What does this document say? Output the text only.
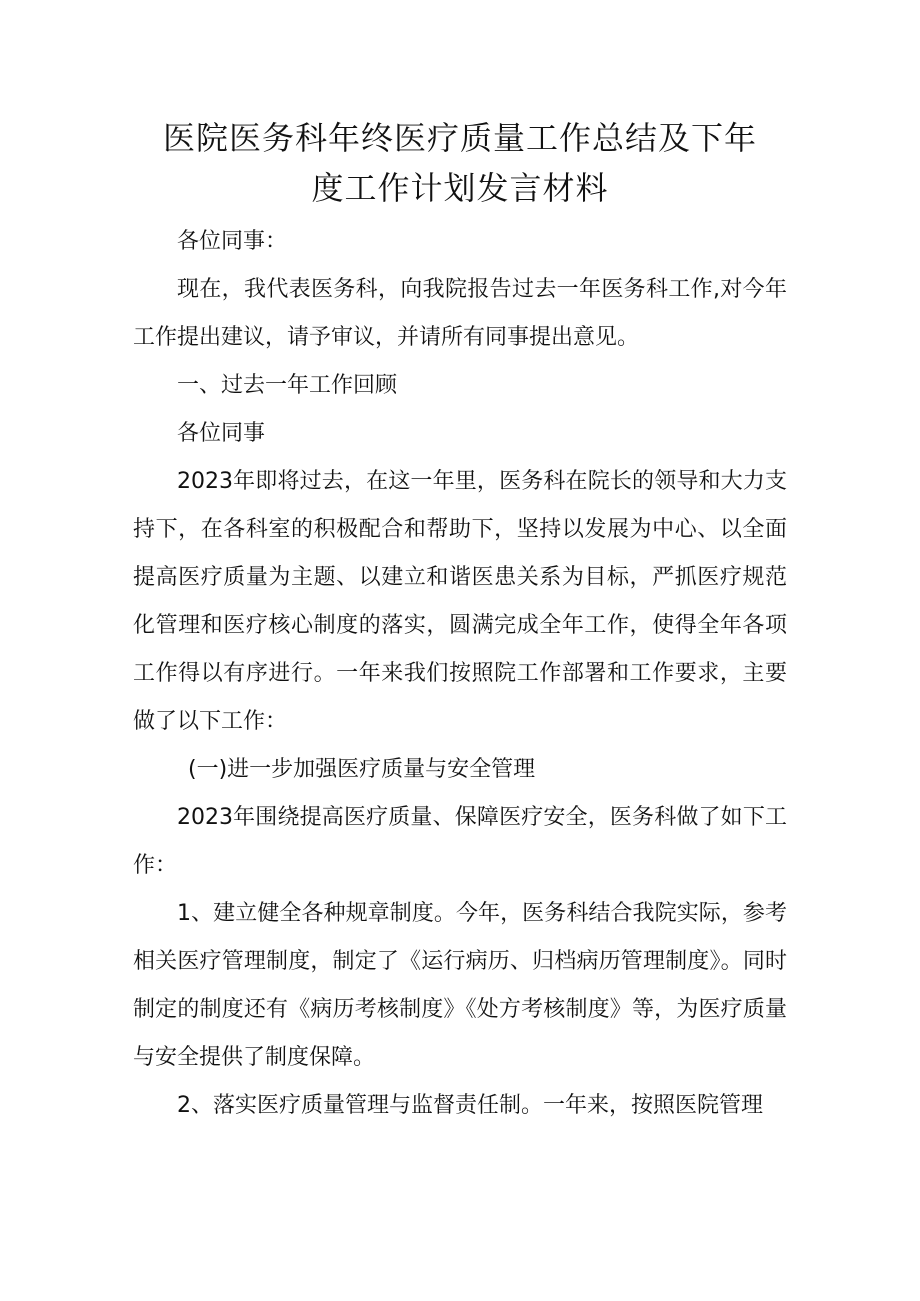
医院医务科年终医疗质量工作总结及下年
度工作计划发言材料

各位同事：

现在，我代表医务科，向我院报告过去一年医务科工作,对今年工作提出建议，请予审议，并请所有同事提出意见。

一、过去一年工作回顾

各位同事

2023年即将过去，在这一年里，医务科在院长的领导和大力支持下，在各科室的积极配合和帮助下，坚持以发展为中心、以全面提高医疗质量为主题、以建立和谐医患关系为目标，严抓医疗规范化管理和医疗核心制度的落实，圆满完成全年工作，使得全年各项工作得以有序进行。一年来我们按照院工作部署和工作要求，主要做了以下工作：

(一)进一步加强医疗质量与安全管理

2023年围绕提高医疗质量、保障医疗安全，医务科做了如下工作：

1、建立健全各种规章制度。今年，医务科结合我院实际，参考相关医疗管理制度，制定了《运行病历、归档病历管理制度》。同时制定的制度还有《病历考核制度》《处方考核制度》等，为医疗质量与安全提供了制度保障。

2、落实医疗质量管理与监督责任制。一年来，按照医院管理
